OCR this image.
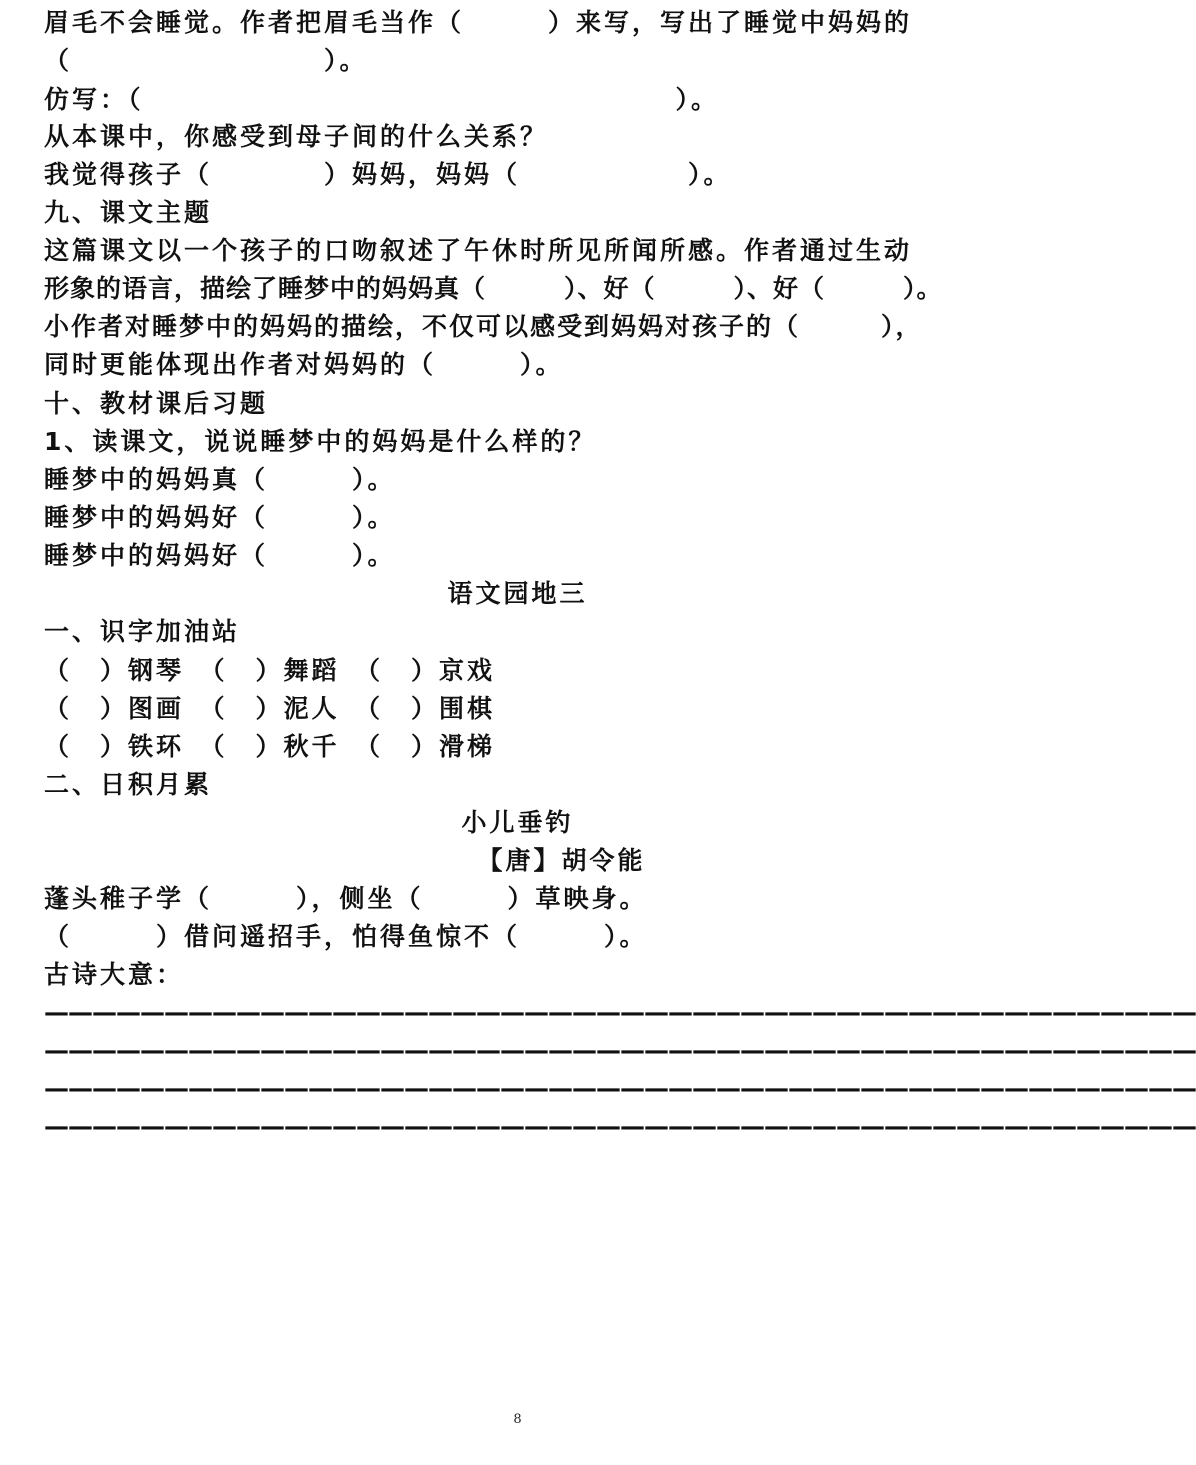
眉毛不会睡觉。作者把眉毛当作（　　　）来写，写出了睡觉中妈妈的
（　　　　　　　　　）。
仿写：（　　　　　　　　　　　　　　　　　　　）。
从本课中，你感受到母子间的什么关系？
我觉得孩子（　　　　）妈妈，妈妈（　　　　　　）。
九、课文主题
这篇课文以一个孩子的口吻叙述了午休时所见所闻所感。作者通过生动
形象的语言，描绘了睡梦中的妈妈真（　　　）、好（　　　）、好（　　　）。
小作者对睡梦中的妈妈的描绘，不仅可以感受到妈妈对孩子的（　　　），
同时更能体现出作者对妈妈的（　　　）。
十、教材课后习题
1、读课文，说说睡梦中的妈妈是什么样的？
睡梦中的妈妈真（　　　）。
睡梦中的妈妈好（　　　）。
睡梦中的妈妈好（　　　）。
语文园地三
一、识字加油站
（　）钢琴　（　）舞蹈　（　）京戏
（　）图画　（　）泥人　（　）围棋
（　）铁环　（　）秋千　（　）滑梯
二、日积月累
小儿垂钓
【唐】胡令能
蓬头稚子学（　　　），侧坐（　　　）草映身。
（　　　）借问遥招手，怕得鱼惊不（　　　）。
古诗大意：
————————————————————————————————————————————————
————————————————————————————————————————————————
————————————————————————————————————————————————
————————————————————————————————————————————————
8
